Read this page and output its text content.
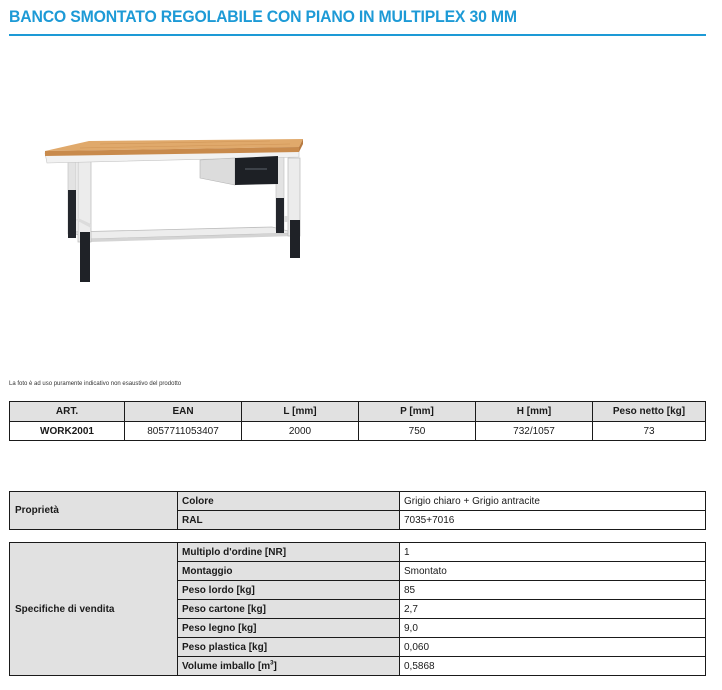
BANCO SMONTATO REGOLABILE CON PIANO IN MULTIPLEX 30 MM
La foto è ad uso puramente indicativo non esaustivo del prodotto
ART.	EAN	L [mm]	P [mm]	H [mm]	Peso netto [kg]
WORK2001	8057711053407	2000	750	732/1057	73
Proprietà	Colore	Grigio chiaro + Grigio antracite
	RAL	7035+7016
Specifiche di vendita	Multiplo d'ordine [NR]	1
	Montaggio	Smontato
	Peso lordo [kg]	85
	Peso cartone [kg]	2,7
	Peso legno [kg]	9,0
	Peso plastica [kg]	0,060
	Volume imballo $[m^3]$	0,5868
